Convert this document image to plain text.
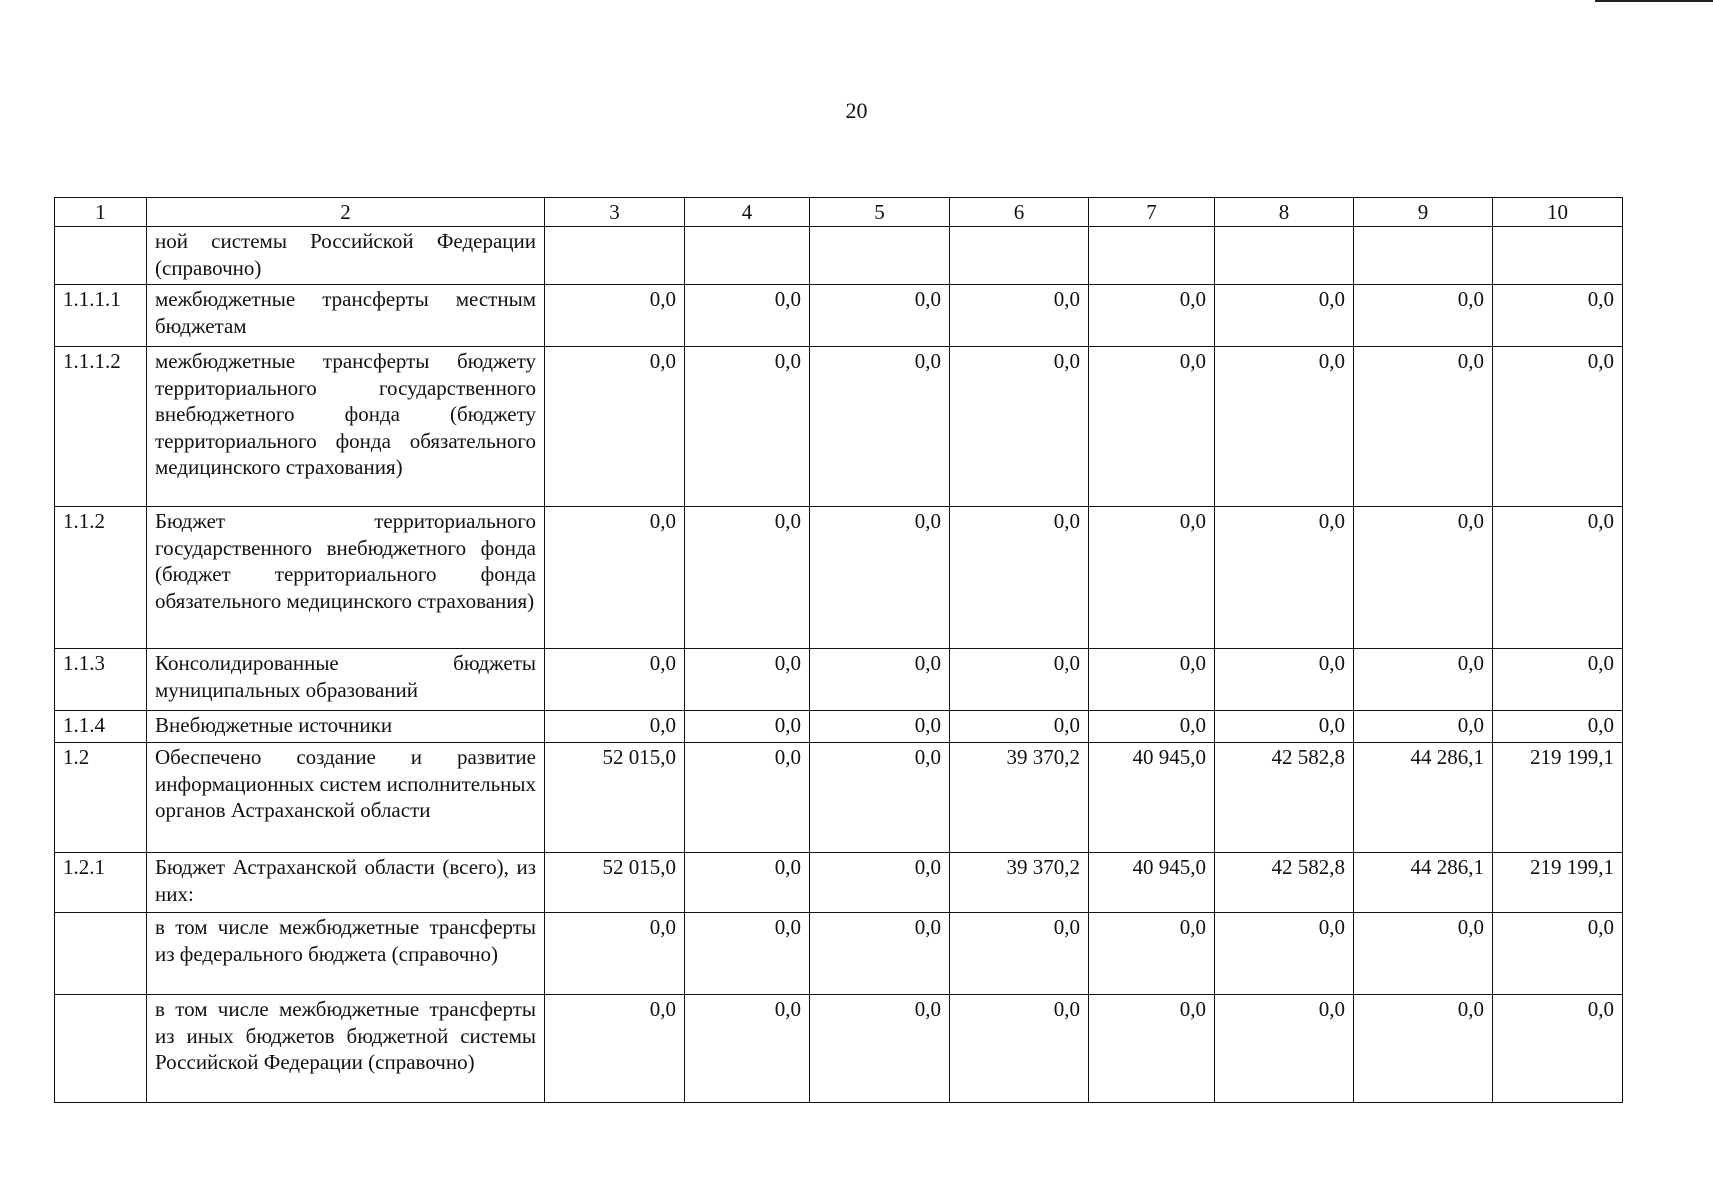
20
1	2	3	4	5	6	7	8	9	10
	ной системы Российской Федерации (справочно)								
1.1.1.1	межбюджетные трансферты местным бюджетам	0,0	0,0	0,0	0,0	0,0	0,0	0,0	0,0
1.1.1.2	межбюджетные трансферты бюджету территориального государственного внебюджетного фонда (бюджету территориального фонда обязательного медицинского страхования)	0,0	0,0	0,0	0,0	0,0	0,0	0,0	0,0
1.1.2	Бюджет территориального государственного внебюджетного фонда (бюджет территориального фонда обязательного медицинского страхования)	0,0	0,0	0,0	0,0	0,0	0,0	0,0	0,0
1.1.3	Консолидированные бюджеты муниципальных образований	0,0	0,0	0,0	0,0	0,0	0,0	0,0	0,0
1.1.4	Внебюджетные источники	0,0	0,0	0,0	0,0	0,0	0,0	0,0	0,0
1.2	Обеспечено создание и развитие информационных систем исполнительных органов Астраханской области	52 015,0	0,0	0,0	39 370,2	40 945,0	42 582,8	44 286,1	219 199,1
1.2.1	Бюджет Астраханской области (всего), из них:	52 015,0	0,0	0,0	39 370,2	40 945,0	42 582,8	44 286,1	219 199,1
	в том числе межбюджетные трансферты из федерального бюджета (справочно)	0,0	0,0	0,0	0,0	0,0	0,0	0,0	0,0
	в том числе межбюджетные трансферты из иных бюджетов бюджетной системы Российской Федерации (справочно)	0,0	0,0	0,0	0,0	0,0	0,0	0,0	0,0
